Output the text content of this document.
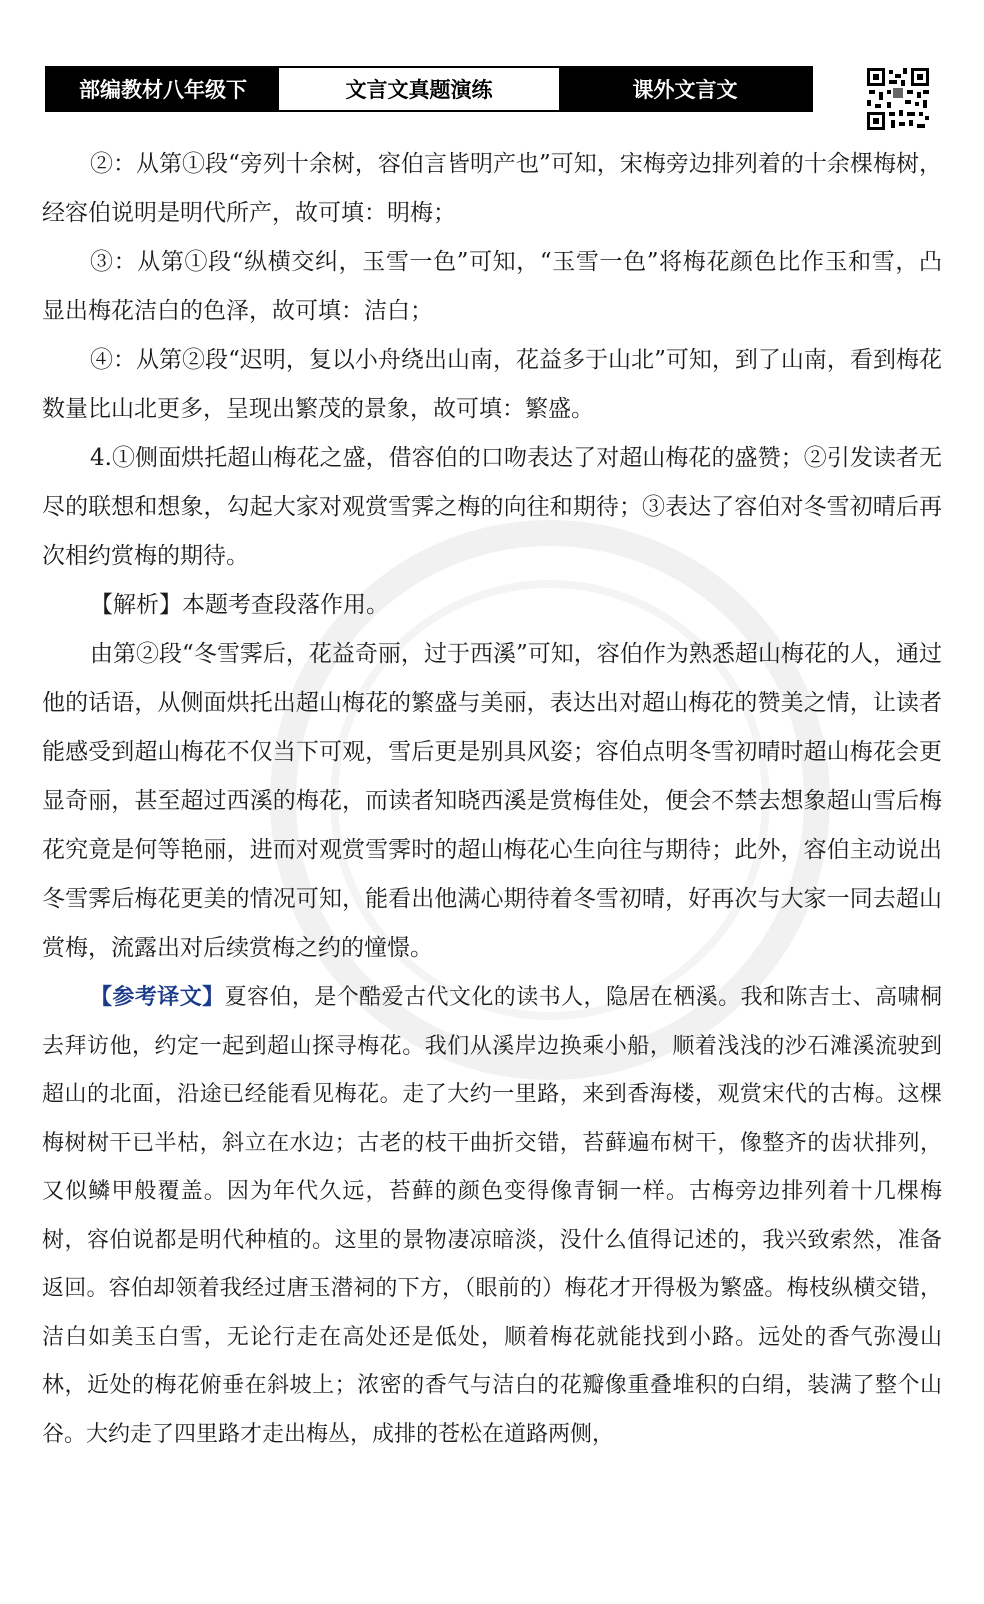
部编教材八年级下	文言文真题演练	课外文言文

②：从第①段“旁列十余树，容伯言皆明产也”可知，宋梅旁边排列着的十余棵梅树，经容伯说明是明代所产，故可填：明梅；

③：从第①段“纵横交纠，玉雪一色”可知，“玉雪一色”将梅花颜色比作玉和雪，凸显出梅花洁白的色泽，故可填：洁白；

④：从第②段“迟明，复以小舟绕出山南，花益多于山北”可知，到了山南，看到梅花数量比山北更多，呈现出繁茂的景象，故可填：繁盛。

4.①侧面烘托超山梅花之盛，借容伯的口吻表达了对超山梅花的盛赞；②引发读者无尽的联想和想象，勾起大家对观赏雪霁之梅的向往和期待；③表达了容伯对冬雪初晴后再次相约赏梅的期待。

【解析】本题考查段落作用。

由第②段“冬雪霁后，花益奇丽，过于西溪”可知，容伯作为熟悉超山梅花的人，通过他的话语，从侧面烘托出超山梅花的繁盛与美丽，表达出对超山梅花的赞美之情，让读者能感受到超山梅花不仅当下可观，雪后更是别具风姿；容伯点明冬雪初晴时超山梅花会更显奇丽，甚至超过西溪的梅花，而读者知晓西溪是赏梅佳处，便会不禁去想象超山雪后梅花究竟是何等艳丽，进而对观赏雪霁时的超山梅花心生向往与期待；此外，容伯主动说出冬雪霁后梅花更美的情况可知，能看出他满心期待着冬雪初晴，好再次与大家一同去超山赏梅，流露出对后续赏梅之约的憧憬。

【参考译文】夏容伯，是个酷爱古代文化的读书人，隐居在栖溪。我和陈吉士、高啸桐去拜访他，约定一起到超山探寻梅花。我们从溪岸边换乘小船，顺着浅浅的沙石滩溪流驶到超山的北面，沿途已经能看见梅花。走了大约一里路，来到香海楼，观赏宋代的古梅。这棵梅树树干已半枯，斜立在水边；古老的枝干曲折交错，苔藓遍布树干，像整齐的齿状排列，又似鳞甲般覆盖。因为年代久远，苔藓的颜色变得像青铜一样。古梅旁边排列着十几棵梅树，容伯说都是明代种植的。这里的景物凄凉暗淡，没什么值得记述的，我兴致索然，准备返回。容伯却领着我经过唐玉潜祠的下方，（眼前的）梅花才开得极为繁盛。梅枝纵横交错，洁白如美玉白雪，无论行走在高处还是低处，顺着梅花就能找到小路。远处的香气弥漫山林，近处的梅花俯垂在斜坡上；浓密的香气与洁白的花瓣像重叠堆积的白绢，装满了整个山谷。大约走了四里路才走出梅丛，成排的苍松在道路两侧，
